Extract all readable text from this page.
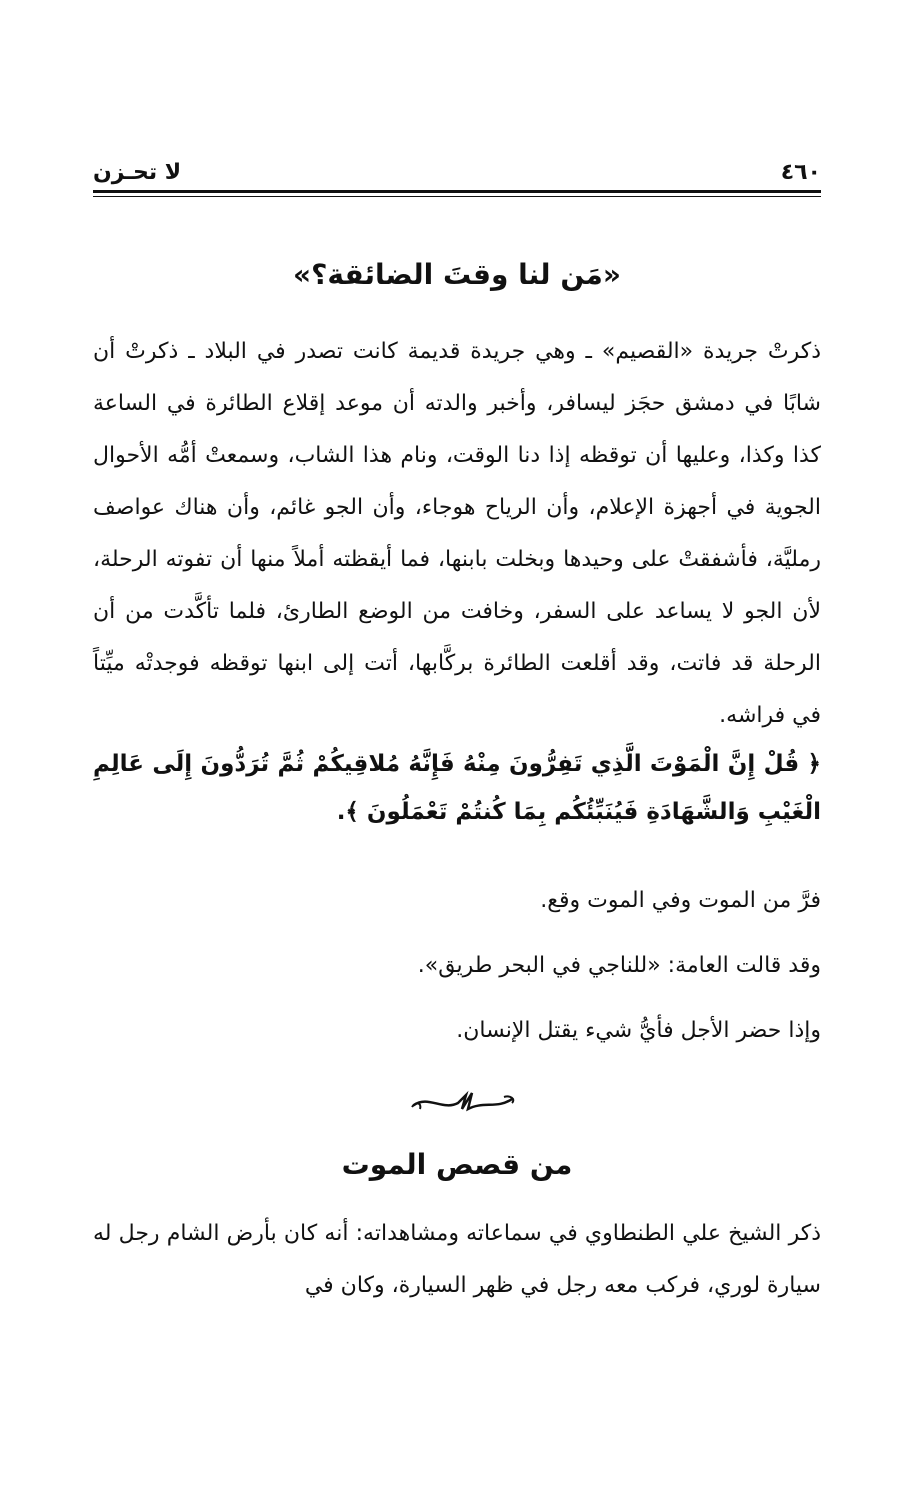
٤٦٠
لا تحـزن
«مَن لنا وقتَ الضائقة؟»
ذكرتْ جريدة «القصيم» ـ وهي جريدة قديمة كانت تصدر في البلاد ـ ذكرتْ أن شابًا في دمشق حجَز ليسافر، وأخبر والدته أن موعد إقلاع الطائرة في الساعة كذا وكذا، وعليها أن توقظه إذا دنا الوقت، ونام هذا الشاب، وسمعتْ أمُّه الأحوال الجوية في أجهزة الإعلام، وأن الرياح هوجاء، وأن الجو غائم، وأن هناك عواصف رمليَّة، فأشفقتْ على وحيدها وبخلت بابنها، فما أيقظته أملاً منها أن تفوته الرحلة، لأن الجو لا يساعد على السفر، وخافت من الوضع الطارئ، فلما تأكَّدت من أن الرحلة قد فاتت، وقد أقلعت الطائرة بركَّابها، أتت إلى ابنها توقظه فوجدتْه ميِّتاً في فراشه.
﴿ قُلْ إِنَّ الْمَوْتَ الَّذِي تَفِرُّونَ مِنْهُ فَإِنَّهُ مُلاقِيكُمْ ثُمَّ تُرَدُّونَ إِلَى عَالِمِ الْغَيْبِ وَالشَّهَادَةِ فَيُنَبِّئُكُم بِمَا كُنتُمْ تَعْمَلُونَ ﴾.
فرَّ من الموت وفي الموت وقع.
وقد قالت العامة: «للناجي في البحر طريق».
وإذا حضر الأجل فأيُّ شيء يقتل الإنسان.
من قصص الموت
ذكر الشيخ علي الطنطاوي في سماعاته ومشاهداته: أنه كان بأرض الشام رجل له سيارة لوري، فركب معه رجل في ظهر السيارة، وكان في
